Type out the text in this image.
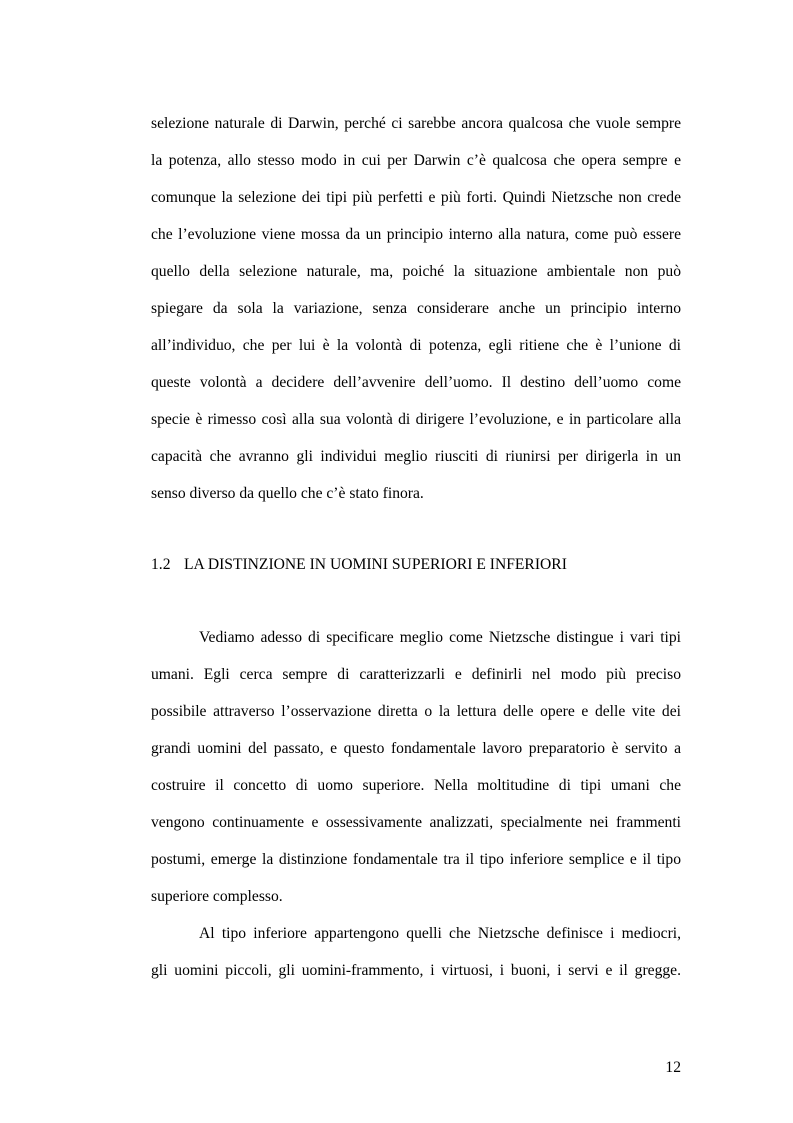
selezione naturale di Darwin, perché ci sarebbe ancora qualcosa che vuole sempre
la potenza, allo stesso modo in cui per Darwin c’è qualcosa che opera sempre e
comunque la selezione dei tipi più perfetti e più forti. Quindi Nietzsche non crede
che l’evoluzione viene mossa da un principio interno alla natura, come può essere
quello della selezione naturale, ma, poiché la situazione ambientale non può
spiegare da sola la variazione, senza considerare anche un principio interno
all’individuo, che per lui è la volontà di potenza, egli ritiene che è l’unione di
queste volontà a decidere dell’avvenire dell’uomo. Il destino dell’uomo come
specie è rimesso così alla sua volontà di dirigere l’evoluzione, e in particolare alla
capacità che avranno gli individui meglio riusciti di riunirsi per dirigerla in un
senso diverso da quello che c’è stato finora.
1.2 LA DISTINZIONE IN UOMINI SUPERIORI E INFERIORI
Vediamo adesso di specificare meglio come Nietzsche distingue i vari tipi
umani. Egli cerca sempre di caratterizzarli e definirli nel modo più preciso
possibile attraverso l’osservazione diretta o la lettura delle opere e delle vite dei
grandi uomini del passato, e questo fondamentale lavoro preparatorio è servito a
costruire il concetto di uomo superiore. Nella moltitudine di tipi umani che
vengono continuamente e ossessivamente analizzati, specialmente nei frammenti
postumi, emerge la distinzione fondamentale tra il tipo inferiore semplice e il tipo
superiore complesso.
Al tipo inferiore appartengono quelli che Nietzsche definisce i mediocri,
gli uomini piccoli, gli uomini-frammento, i virtuosi, i buoni, i servi e il gregge.
12
